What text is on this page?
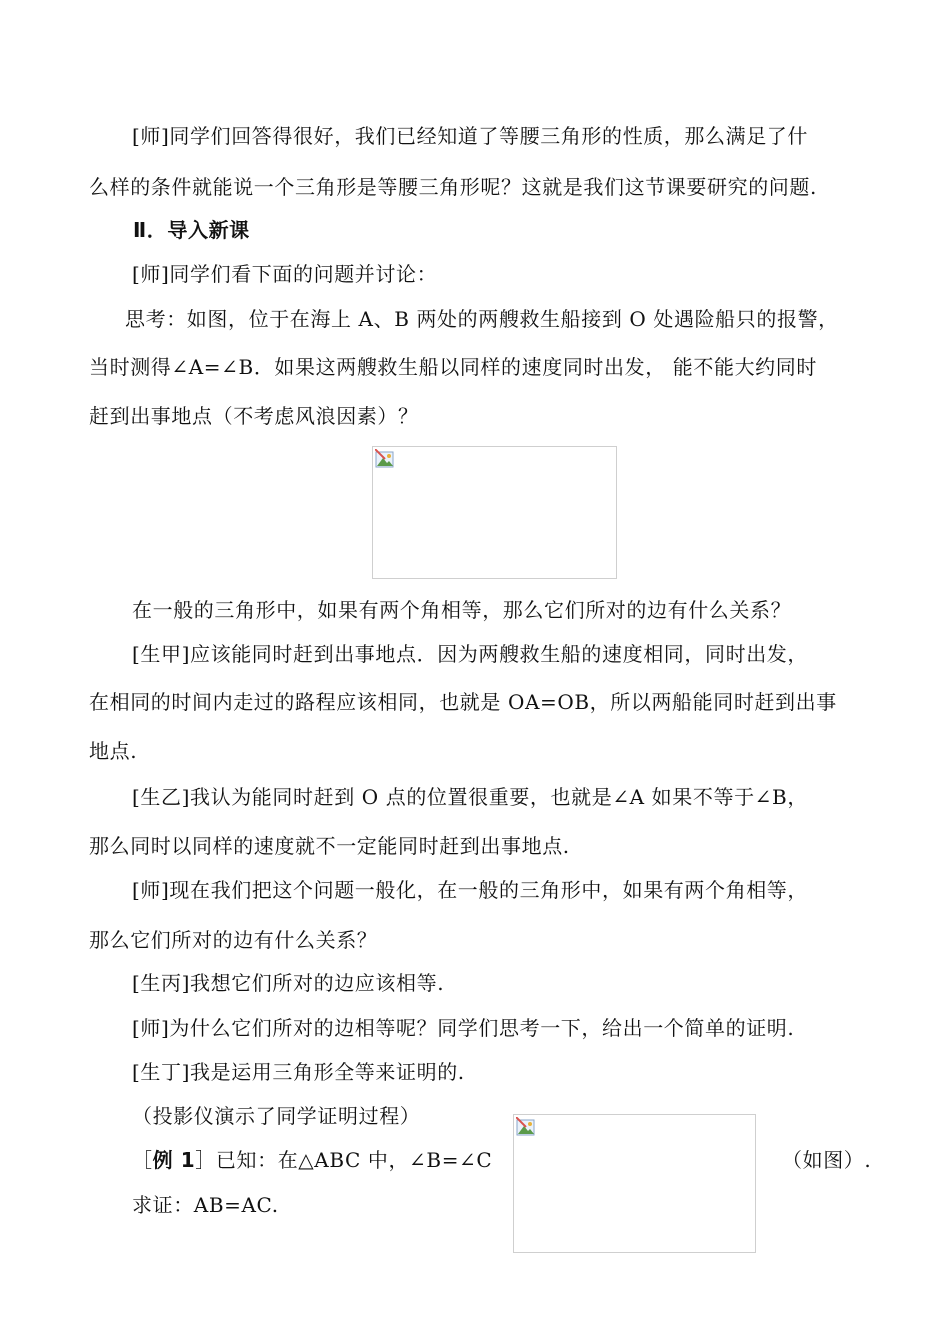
[师]同学们回答得很好，我们已经知道了等腰三角形的性质，那么满足了什
么样的条件就能说一个三角形是等腰三角形呢？这就是我们这节课要研究的问题.
Ⅱ．导入新课
[师]同学们看下面的问题并讨论：
思考：如图，位于在海上 A、B 两处的两艘救生船接到 O 处遇险船只的报警，
当时测得∠A=∠B．如果这两艘救生船以同样的速度同时出发， 能不能大约同时
赶到出事地点（不考虑风浪因素）？
在一般的三角形中，如果有两个角相等，那么它们所对的边有什么关系？
[生甲]应该能同时赶到出事地点．因为两艘救生船的速度相同，同时出发，
在相同的时间内走过的路程应该相同，也就是 OA=OB，所以两船能同时赶到出事
地点.
[生乙]我认为能同时赶到 O 点的位置很重要，也就是∠A 如果不等于∠B，
那么同时以同样的速度就不一定能同时赶到出事地点.
[师]现在我们把这个问题一般化，在一般的三角形中，如果有两个角相等，
那么它们所对的边有什么关系？
[生丙]我想它们所对的边应该相等.
[师]为什么它们所对的边相等呢？同学们思考一下，给出一个简单的证明.
[生丁]我是运用三角形全等来证明的.
（投影仪演示了同学证明过程）
［例 1］已知：在△ABC 中，∠B=∠C	（如图）.
求证：AB=AC.
